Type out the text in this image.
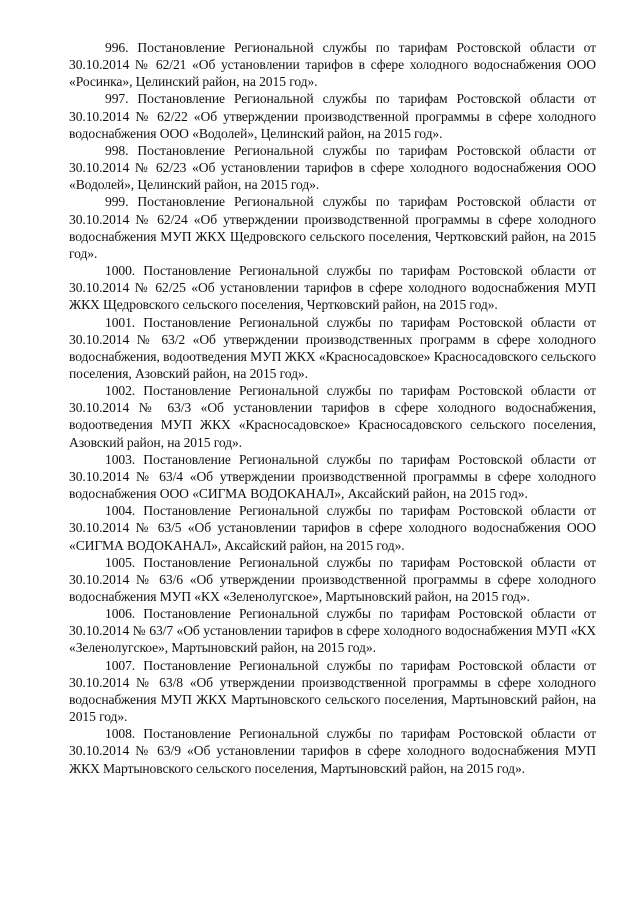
996. Постановление Региональной службы по тарифам Ростовской области от 30.10.2014 № 62/21 «Об установлении тарифов в сфере холодного водоснабжения ООО «Росинка», Целинский район, на 2015 год».

997. Постановление Региональной службы по тарифам Ростовской области от 30.10.2014 № 62/22 «Об утверждении производственной программы в сфере холодного водоснабжения ООО «Водолей», Целинский район, на 2015 год».

998. Постановление Региональной службы по тарифам Ростовской области от 30.10.2014 № 62/23 «Об установлении тарифов в сфере холодного водоснабжения ООО «Водолей», Целинский район, на 2015 год».

999. Постановление Региональной службы по тарифам Ростовской области от 30.10.2014 № 62/24 «Об утверждении производственной программы в сфере холодного водоснабжения МУП ЖКХ Щедровского сельского поселения, Чертковский район, на 2015 год».

1000. Постановление Региональной службы по тарифам Ростовской области от 30.10.2014 № 62/25 «Об установлении тарифов в сфере холодного водоснабжения МУП ЖКХ Щедровского сельского поселения, Чертковский район, на 2015 год».

1001. Постановление Региональной службы по тарифам Ростовской области от 30.10.2014 № 63/2 «Об утверждении производственных программ в сфере холодного водоснабжения, водоотведения МУП ЖКХ «Красносадовское» Красносадовского сельского поселения, Азовский район, на 2015 год».

1002. Постановление Региональной службы по тарифам Ростовской области от 30.10.2014 № 63/3 «Об установлении тарифов в сфере холодного водоснабжения, водоотведения МУП ЖКХ «Красносадовское» Красносадовского сельского поселения, Азовский район, на 2015 год».

1003. Постановление Региональной службы по тарифам Ростовской области от 30.10.2014 № 63/4 «Об утверждении производственной программы в сфере холодного водоснабжения ООО «СИГМА ВОДОКАНАЛ», Аксайский район, на 2015 год».

1004. Постановление Региональной службы по тарифам Ростовской области от 30.10.2014 № 63/5 «Об установлении тарифов в сфере холодного водоснабжения ООО «СИГМА ВОДОКАНАЛ», Аксайский район, на 2015 год».

1005. Постановление Региональной службы по тарифам Ростовской области от 30.10.2014 № 63/6 «Об утверждении производственной программы в сфере холодного водоснабжения МУП «КХ «Зеленолугское», Мартыновский район, на 2015 год».

1006. Постановление Региональной службы по тарифам Ростовской области от 30.10.2014 № 63/7 «Об установлении тарифов в сфере холодного водоснабжения МУП «КХ «Зеленолугское», Мартыновский район, на 2015 год».

1007. Постановление Региональной службы по тарифам Ростовской области от 30.10.2014 № 63/8 «Об утверждении производственной программы в сфере холодного водоснабжения МУП ЖКХ Мартыновского сельского поселения, Мартыновский район, на 2015 год».

1008. Постановление Региональной службы по тарифам Ростовской области от 30.10.2014 № 63/9 «Об установлении тарифов в сфере холодного водоснабжения МУП ЖКХ Мартыновского сельского поселения, Мартыновский район, на 2015 год».
